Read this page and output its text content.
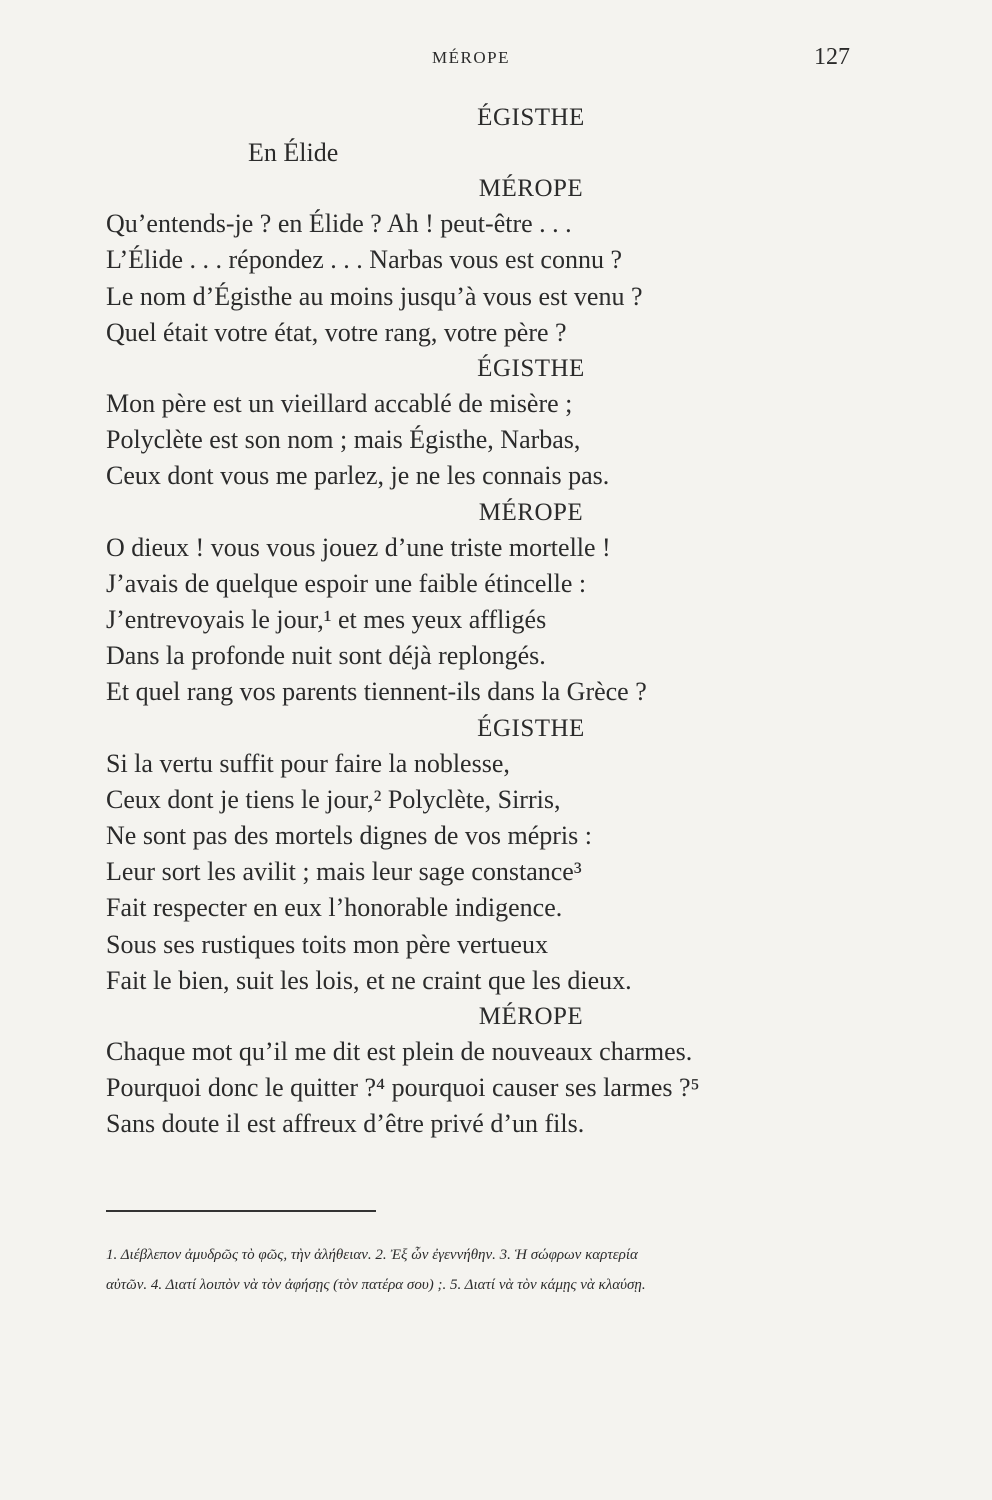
MÉROPE	127
ÉGISTHE
En Élide
MÉROPE
Qu’entends-je ? en Élide ? Ah ! peut-être . . .
L’Élide . . . répondez . . . Narbas vous est connu ?
Le nom d’Égisthe au moins jusqu’à vous est venu ?
Quel était votre état, votre rang, votre père ?
ÉGISTHE
Mon père est un vieillard accablé de misère ;
Polyclète est son nom ; mais Égisthe, Narbas,
Ceux dont vous me parlez, je ne les connais pas.
MÉROPE
O dieux ! vous vous jouez d’une triste mortelle !
J’avais de quelque espoir une faible étincelle :
J’entrevoyais le jour,¹ et mes yeux affligés
Dans la profonde nuit sont déjà replongés.
Et quel rang vos parents tiennent-ils dans la Grèce ?
ÉGISTHE
Si la vertu suffit pour faire la noblesse,
Ceux dont je tiens le jour,² Polyclète, Sirris,
Ne sont pas des mortels dignes de vos mépris :
Leur sort les avilit ; mais leur sage constance³
Fait respecter en eux l’honorable indigence.
Sous ses rustiques toits mon père vertueux
Fait le bien, suit les lois, et ne craint que les dieux.
MÉROPE
Chaque mot qu’il me dit est plein de nouveaux charmes.
Pourquoi donc le quitter ?⁴ pourquoi causer ses larmes ?⁵
Sans doute il est affreux d’être privé d’un fils.
1. Διέβλεπον ἀμυδρῶς τὸ φῶς, τὴν ἀλήθειαν. 2. Ἐξ ὧν ἐγεννήθην. 3. Ἡ σώφρων καρτερία
αὐτῶν. 4. Διατί λοιπὸν νὰ τὸν ἀφήσῃς (τὸν πατέρα σου) ;. 5. Διατί νὰ τὸν κάμῃς νὰ κλαύσῃ.
